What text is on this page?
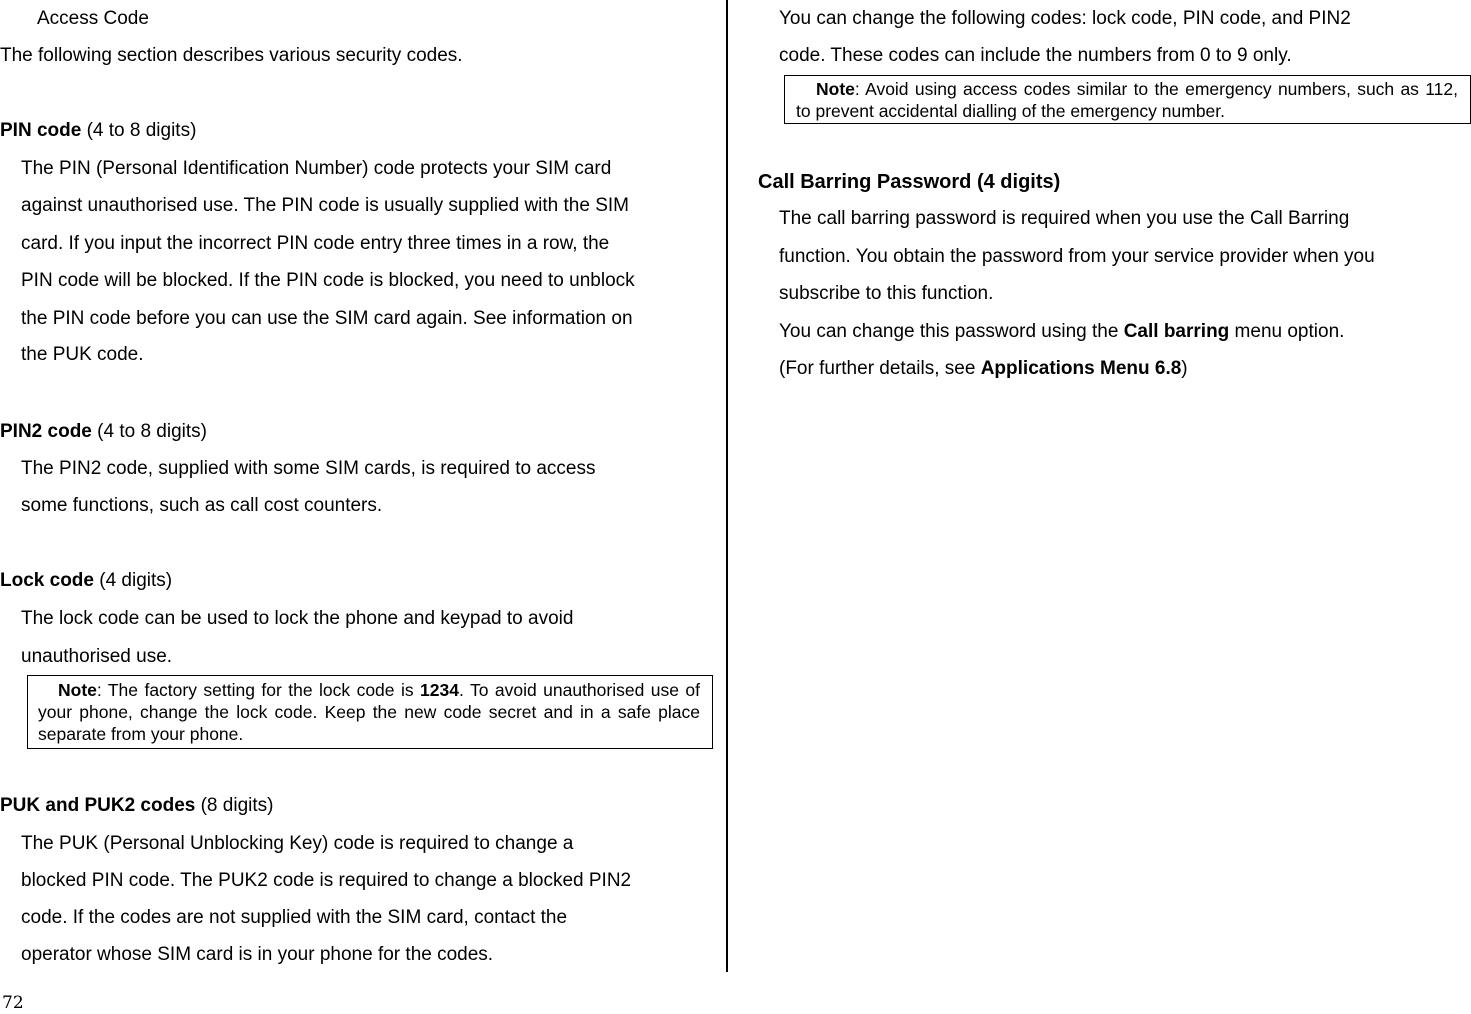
Access Code
The following section describes various security codes.
PIN code (4 to 8 digits)
The PIN (Personal Identification Number) code protects your SIM card
against unauthorised use. The PIN code is usually supplied with the SIM
card. If you input the incorrect PIN code entry three times in a row, the
PIN code will be blocked. If the PIN code is blocked, you need to unblock
the PIN code before you can use the SIM card again. See information on
the PUK code.
PIN2 code (4 to 8 digits)
The PIN2 code, supplied with some SIM cards, is required to access
some functions, such as call cost counters.
Lock code (4 digits)
The lock code can be used to lock the phone and keypad to avoid
unauthorised use.
Note: The factory setting for the lock code is 1234. To avoid unauthorised use of your phone, change the lock code. Keep the new code secret and in a safe place separate from your phone.
PUK and PUK2 codes (8 digits)
The PUK (Personal Unblocking Key) code is required to change a
blocked PIN code. The PUK2 code is required to change a blocked PIN2
code. If the codes are not supplied with the SIM card, contact the
operator whose SIM card is in your phone for the codes.
You can change the following codes: lock code, PIN code, and PIN2
code. These codes can include the numbers from 0 to 9 only.
Note: Avoid using access codes similar to the emergency numbers, such as 112, to prevent accidental dialling of the emergency number.
Call Barring Password (4 digits)
The call barring password is required when you use the Call Barring
function. You obtain the password from your service provider when you
subscribe to this function.
You can change this password using the Call barring menu option.
(For further details, see Applications Menu 6.8)
72
